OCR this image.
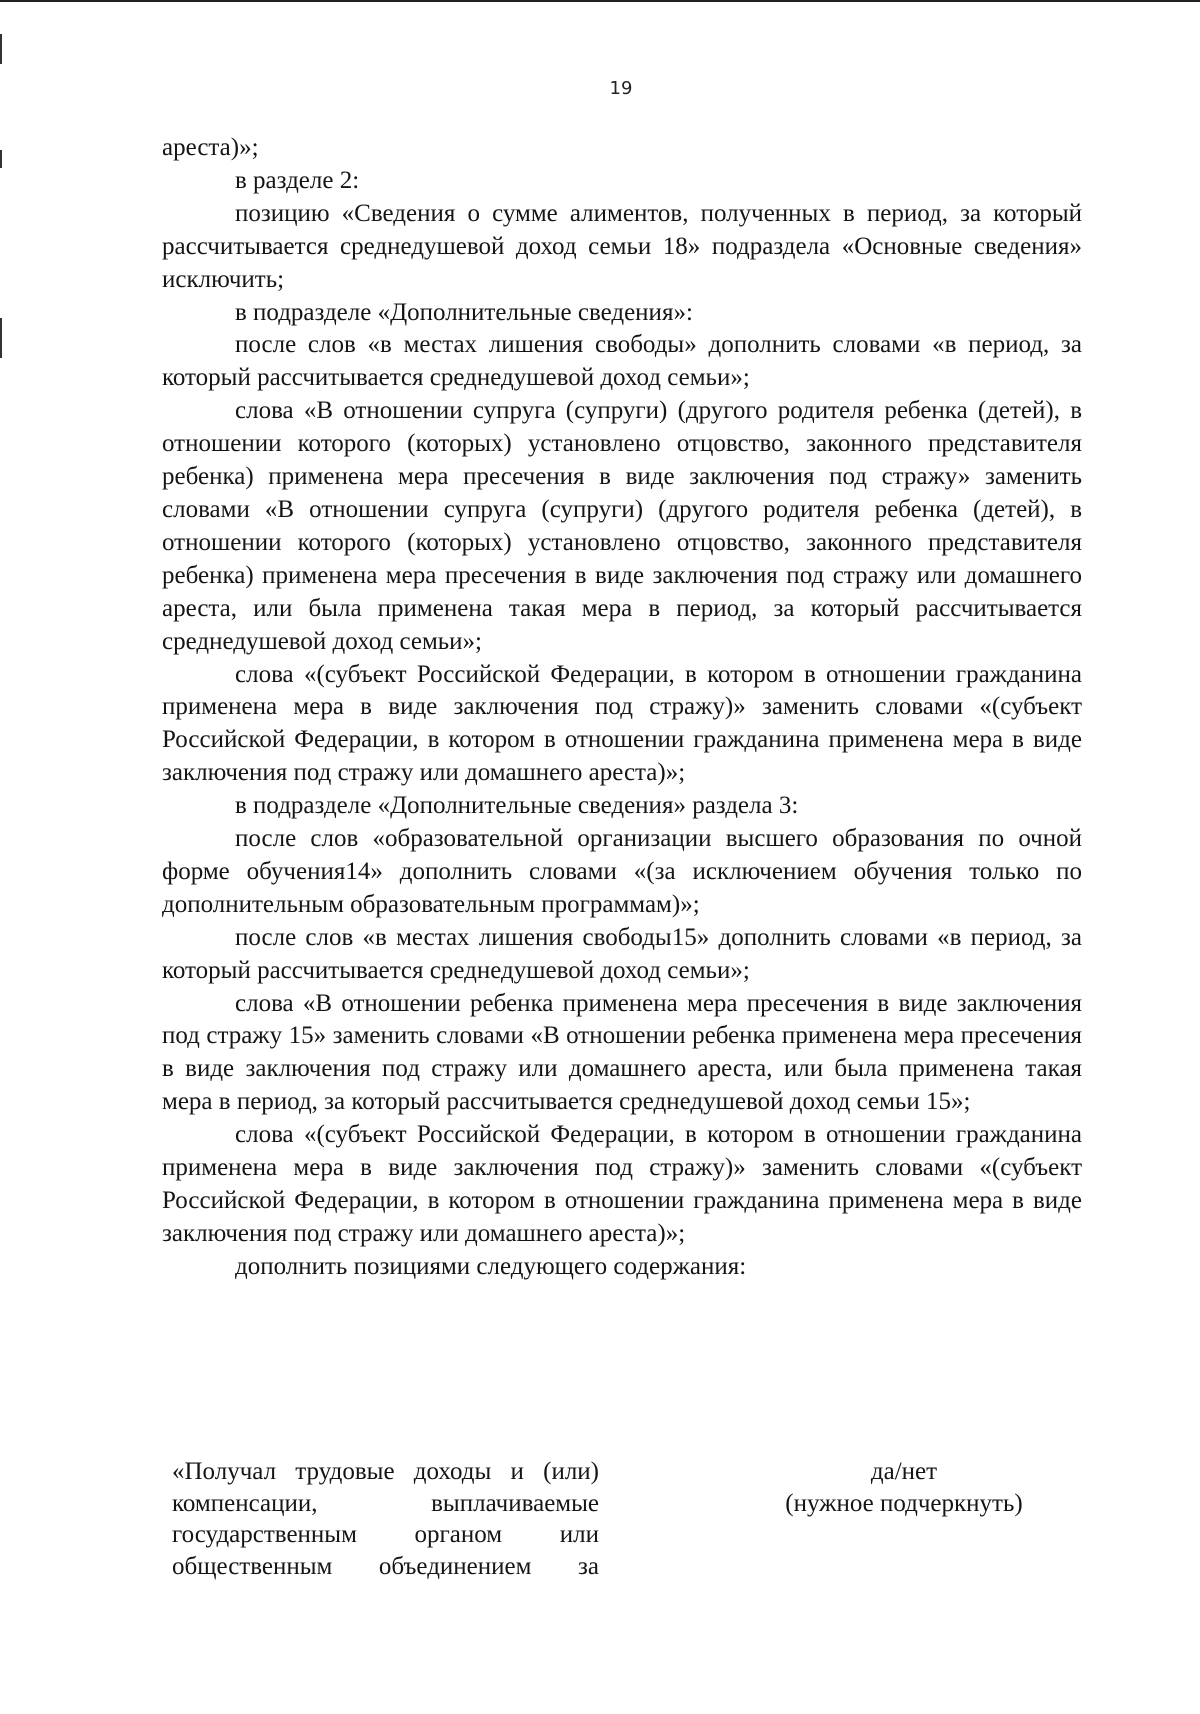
19

ареста)»;

в разделе 2:

позицию «Сведения о сумме алиментов, полученных в период, за который рассчитывается среднедушевой доход семьи 18» подраздела «Основные сведения» исключить;

в подразделе «Дополнительные сведения»:

после слов «в местах лишения свободы» дополнить словами «в период, за который рассчитывается среднедушевой доход семьи»;

слова «В отношении супруга (супруги) (другого родителя ребенка (детей), в отношении которого (которых) установлено отцовство, законного представителя ребенка) применена мера пресечения в виде заключения под стражу» заменить словами «В отношении супруга (супруги) (другого родителя ребенка (детей), в отношении которого (которых) установлено отцовство, законного представителя ребенка) применена мера пресечения в виде заключения под стражу или домашнего ареста, или была применена такая мера в период, за который рассчитывается среднедушевой доход семьи»;

слова «(субъект Российской Федерации, в котором в отношении гражданина применена мера в виде заключения под стражу)» заменить словами «(субъект Российской Федерации, в котором в отношении гражданина применена мера в виде заключения под стражу или домашнего ареста)»;

в подразделе «Дополнительные сведения» раздела 3:

после слов «образовательной организации высшего образования по очной форме обучения14» дополнить словами «(за исключением обучения только по дополнительным образовательным программам)»;

после слов «в местах лишения свободы15» дополнить словами «в период, за который рассчитывается среднедушевой доход семьи»;

слова «В отношении ребенка применена мера пресечения в виде заключения под стражу 15» заменить словами «В отношении ребенка применена мера пресечения в виде заключения под стражу или домашнего ареста, или была применена такая мера в период, за который рассчитывается среднедушевой доход семьи 15»;

слова «(субъект Российской Федерации, в котором в отношении гражданина применена мера в виде заключения под стражу)» заменить словами «(субъект Российской Федерации, в котором в отношении гражданина применена мера в виде заключения под стражу или домашнего ареста)»;

дополнить позициями следующего содержания:

«Получал трудовые доходы и (или) компенсации, выплачиваемые государственным органом или общественным объединением за
да/нет
(нужное подчеркнуть)
